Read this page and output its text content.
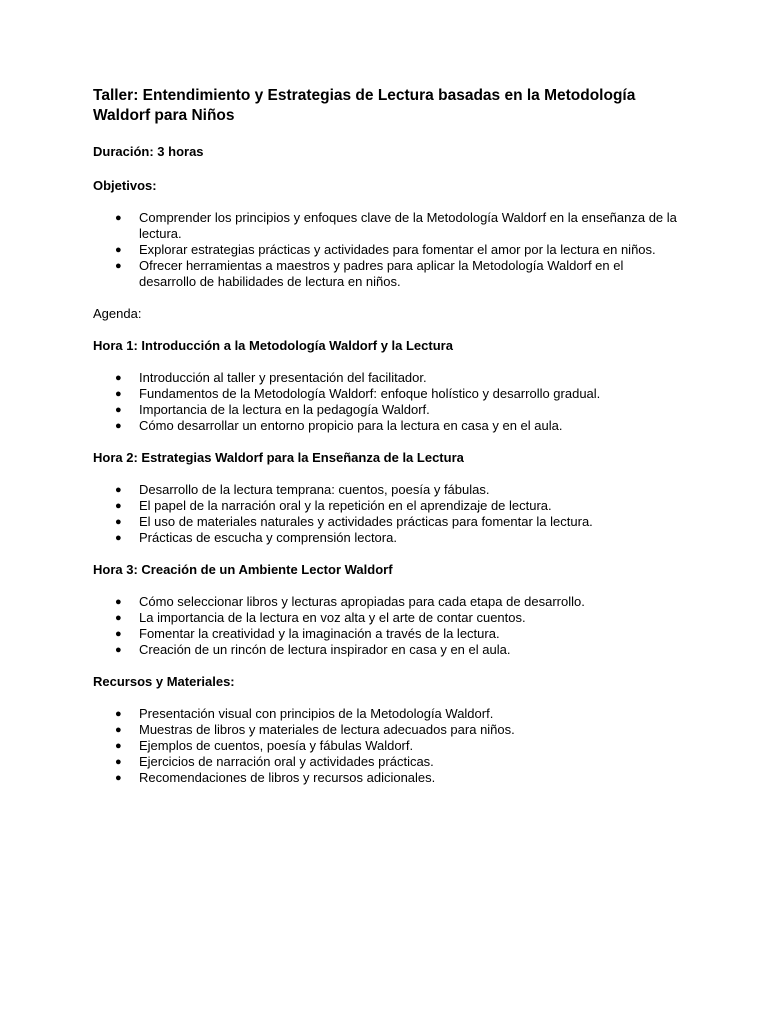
Taller: Entendimiento y Estrategias de Lectura basadas en la Metodología Waldorf para Niños
Duración: 3 horas
Objetivos:
● Comprender los principios y enfoques clave de la Metodología Waldorf en la enseñanza de la lectura.
● Explorar estrategias prácticas y actividades para fomentar el amor por la lectura en niños.
● Ofrecer herramientas a maestros y padres para aplicar la Metodología Waldorf en el desarrollo de habilidades de lectura en niños.
Agenda:
Hora 1: Introducción a la Metodología Waldorf y la Lectura
● Introducción al taller y presentación del facilitador.
● Fundamentos de la Metodología Waldorf: enfoque holístico y desarrollo gradual.
● Importancia de la lectura en la pedagogía Waldorf.
● Cómo desarrollar un entorno propicio para la lectura en casa y en el aula.
Hora 2: Estrategias Waldorf para la Enseñanza de la Lectura
● Desarrollo de la lectura temprana: cuentos, poesía y fábulas.
● El papel de la narración oral y la repetición en el aprendizaje de lectura.
● El uso de materiales naturales y actividades prácticas para fomentar la lectura.
● Prácticas de escucha y comprensión lectora.
Hora 3: Creación de un Ambiente Lector Waldorf
● Cómo seleccionar libros y lecturas apropiadas para cada etapa de desarrollo.
● La importancia de la lectura en voz alta y el arte de contar cuentos.
● Fomentar la creatividad y la imaginación a través de la lectura.
● Creación de un rincón de lectura inspirador en casa y en el aula.
Recursos y Materiales:
● Presentación visual con principios de la Metodología Waldorf.
● Muestras de libros y materiales de lectura adecuados para niños.
● Ejemplos de cuentos, poesía y fábulas Waldorf.
● Ejercicios de narración oral y actividades prácticas.
● Recomendaciones de libros y recursos adicionales.
